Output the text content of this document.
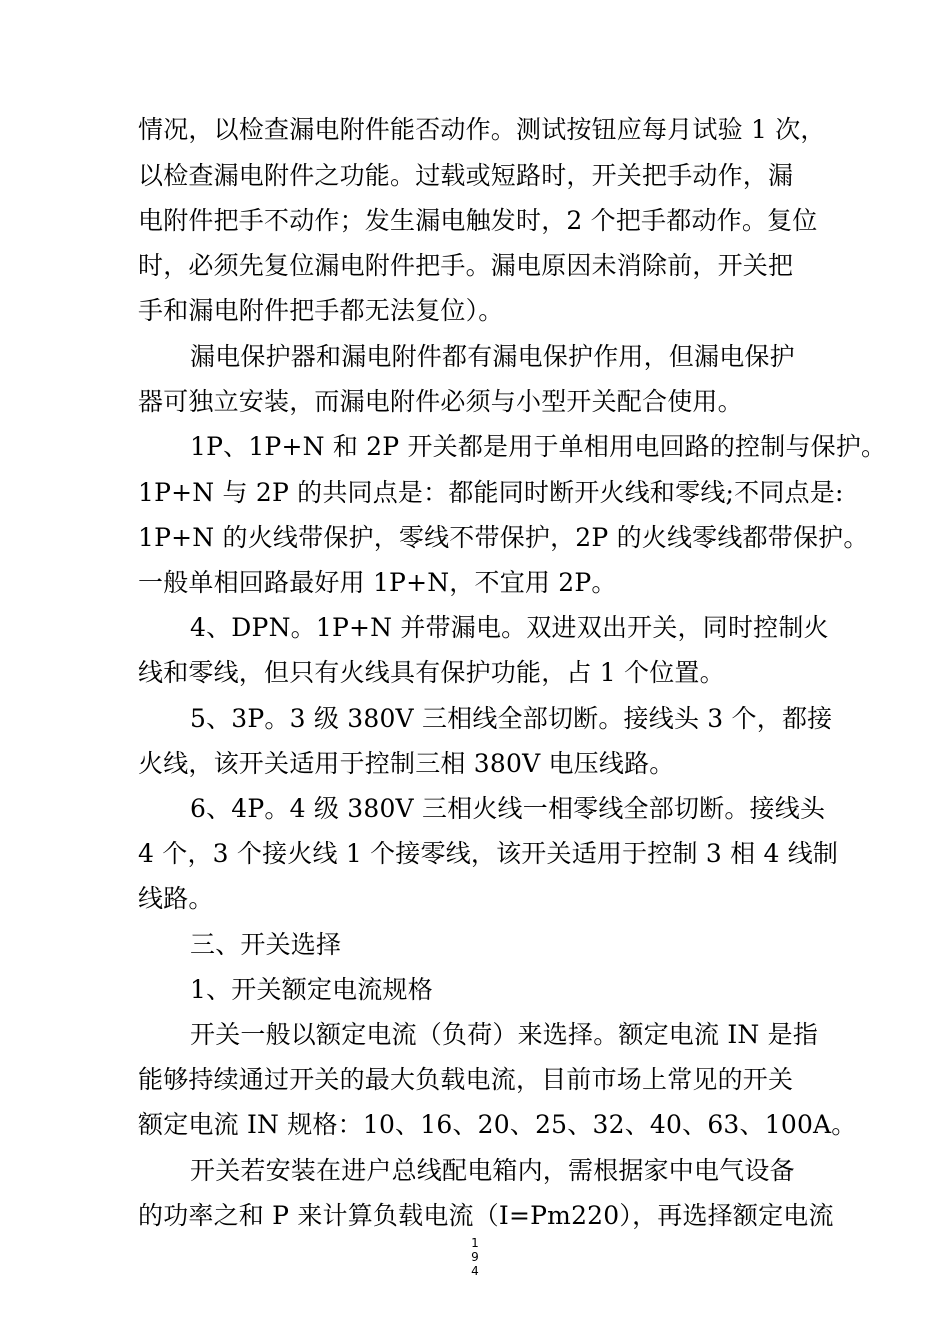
情况，以检查漏电附件能否动作。测试按钮应每月试验 1 次，
以检查漏电附件之功能。过载或短路时，开关把手动作，漏
电附件把手不动作；发生漏电触发时，2 个把手都动作。复位
时，必须先复位漏电附件把手。漏电原因未消除前，开关把
手和漏电附件把手都无法复位）。
漏电保护器和漏电附件都有漏电保护作用，但漏电保护
器可独立安装，而漏电附件必须与小型开关配合使用。
1P、1P+N 和 2P 开关都是用于单相用电回路的控制与保护。
1P+N 与 2P 的共同点是：都能同时断开火线和零线;不同点是:
1P+N 的火线带保护，零线不带保护，2P 的火线零线都带保护。
一般单相回路最好用 1P+N，不宜用 2P。
4、DPN。1P+N 并带漏电。双进双出开关，同时控制火
线和零线，但只有火线具有保护功能，占 1 个位置。
5、3P。3 级 380V 三相线全部切断。接线头 3 个，都接
火线，该开关适用于控制三相 380V 电压线路。
6、4P。4 级 380V 三相火线一相零线全部切断。接线头
4 个，3 个接火线 1 个接零线，该开关适用于控制 3 相 4 线制
线路。
三、开关选择
1、开关额定电流规格
开关一般以额定电流（负荷）来选择。额定电流 IN 是指
能够持续通过开关的最大负载电流，目前市场上常见的开关
额定电流 IN 规格：10、16、20、25、32、40、63、100A。
开关若安装在进户总线配电箱内，需根据家中电气设备
的功率之和 P 来计算负载电流（I=Pm220），再选择额定电流
1
9
4
